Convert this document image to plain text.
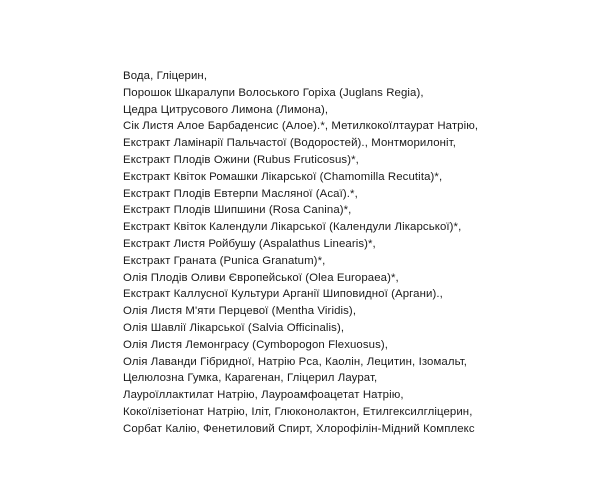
Вода, Гліцерин,
Порошок Шкаралупи Волоського Горіха (Juglans Regia),
Цедра Цитрусового Лимона (Лимона),
Сік Листя Алое Барбаденсис (Алое).*, Метилкокоїлтаурат Натрію,
Екстракт Ламінарії Пальчастої (Водоростей)., Монтморилоніт,
Екстракт Плодів Ожини (Rubus Fruticosus)*,
Екстракт Квіток Ромашки Лікарської (Chamomilla Recutita)*,
Екстракт Плодів Евтерпи Масляної (Асаї).*,
Екстракт Плодів Шипшини (Rosa Canina)*,
Екстракт Квіток Календули Лікарської (Календули Лікарської)*,
Екстракт Листя Ройбушу (Aspalathus Linearis)*,
Екстракт Граната (Punica Granatum)*,
Олія Плодів Оливи Європейської (Olea Europaea)*,
Екстракт Каллусної Культури Арганії Шиповидної (Аргани).,
Олія Листя М'яти Перцевої (Mentha Viridis),
Олія Шавлії Лікарської (Salvia Officinalis),
Олія Листя Лемонграсу (Cymbopogon Flexuosus),
Олія Лаванди Гібридної, Натрію Pca, Каолін, Лецитин, Ізомальт,
Целюлозна Гумка, Карагенан, Гліцерил Лаурат,
Лауроїллактилат Натрію, Лауроамфоацетат Натрію,
Кокоїлізетіонат Натрію, Іліт, Глюконолактон, Етилгексилгліцерин,
Сорбат Калію, Фенетиловий Спирт, Хлорофілін-Мідний Комплекс
